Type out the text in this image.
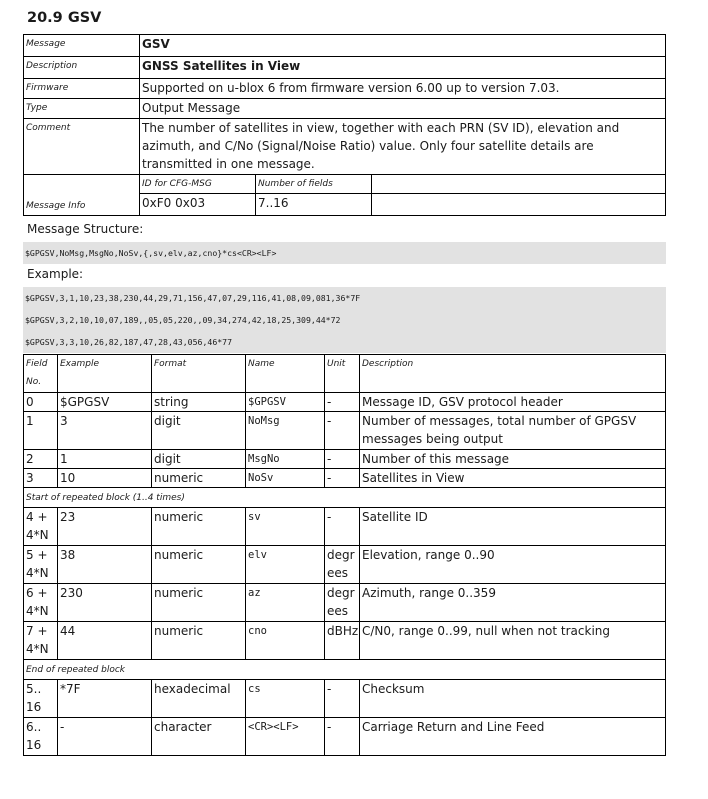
20.9 GSV
Message	GSV		
Description	GNSS Satellites in View		
Firmware	Supported on u-blox 6 from firmware version 6.00 up to version 7.03.		
Type	Output Message		
Comment	The number of satellites in view, together with each PRN (SV ID), elevation and azimuth, and C/No (Signal/Noise Ratio) value. Only four satellite details are transmitted in one message.		
Message Info	ID for CFG-MSG	Number of fields	
	0xF0 0x03	7..16	
Message Structure:
$GPGSV,NoMsg,MsgNo,NoSv,{,sv,elv,az,cno}*cs<CR><LF>
Example:
$GPGSV,3,1,10,23,38,230,44,29,71,156,47,07,29,116,41,08,09,081,36*7F
$GPGSV,3,2,10,10,07,189,,05,05,220,,09,34,274,42,18,25,309,44*72
$GPGSV,3,3,10,26,82,187,47,28,43,056,46*77
Field No.	Example	Format	Name	Unit	Description
0	$GPGSV	string	$GPGSV	-	Message ID, GSV protocol header
1	3	digit	NoMsg	-	Number of messages, total number of GPGSV messages being output
2	1	digit	MsgNo	-	Number of this message
3	10	numeric	NoSv	-	Satellites in View
Start of repeated block (1..4 times)					
4 + 4*N	23	numeric	sv	-	Satellite ID
5 + 4*N	38	numeric	elv	degrees	Elevation, range 0..90
6 + 4*N	230	numeric	az	degrees	Azimuth, range 0..359
7 + 4*N	44	numeric	cno	dBHz	C/N0, range 0..99, null when not tracking
End of repeated block					
5.. 16	*7F	hexadecimal	cs	-	Checksum
6.. 16	-	character	<CR><LF>	-	Carriage Return and Line Feed
